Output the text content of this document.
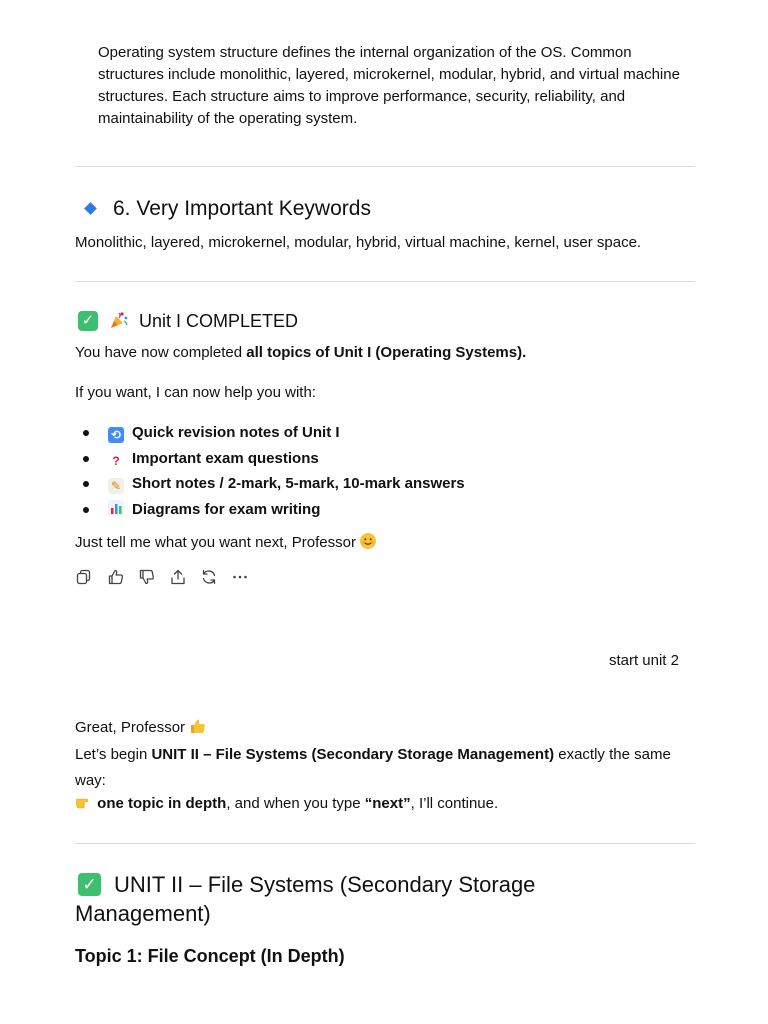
Operating system structure defines the internal organization of the OS. Common structures include monolithic, layered, microkernel, modular, hybrid, and virtual machine structures. Each structure aims to improve performance, security, reliability, and maintainability of the operating system.

6. Very Important Keywords

Monolithic, layered, microkernel, modular, hybrid, virtual machine, kernel, user space.

✓ Unit I COMPLETED

You have now completed all topics of Unit I (Operating Systems).

If you want, I can now help you with:

⟲ Quick revision notes of Unit I
? Important exam questions
✎ Short notes / 2-mark, 5-mark, 10-mark answers
Diagrams for exam writing

Just tell me what you want next, Professor

start unit 2

Great, Professor

Let’s begin UNIT II – File Systems (Secondary Storage Management) exactly the same
way:

one topic in depth, and when you type “next”, I’ll continue.

✓ UNIT II – File Systems (Secondary Storage Management)
Topic 1: File Concept (In Depth)
